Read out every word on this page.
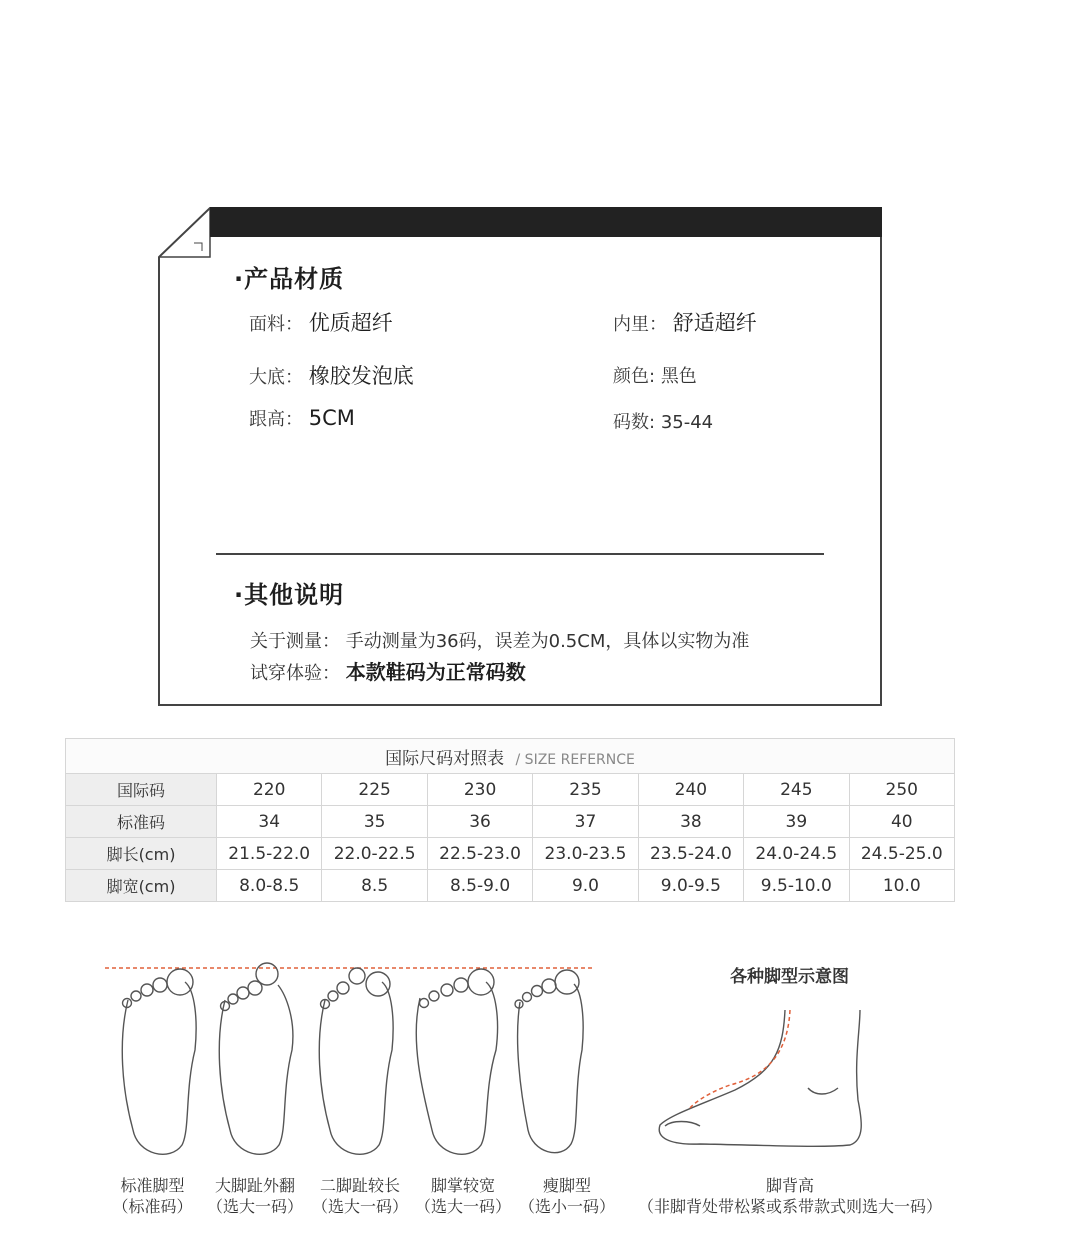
·产品材质
面料： 优质超纤	内里： 舒适超纤
大底： 橡胶发泡底	颜色: 黑色
跟高： 5CM	码数: 35-44
·其他说明
关于测量： 手动测量为36码，误差为0.5CM，具体以实物为准
试穿体验： 本款鞋码为正常码数
国际尺码对照表 / SIZE REFERNCE							
国际码	220	225	230	235	240	245	250
标准码	34	35	36	37	38	39	40
脚长(cm)	21.5-22.0	22.0-22.5	22.5-23.0	23.0-23.5	23.5-24.0	24.0-24.5	24.5-25.0
脚宽(cm)	8.0-8.5	8.5	8.5-9.0	9.0	9.0-9.5	9.5-10.0	10.0
各种脚型示意图
标准脚型
（标准码）
大脚趾外翻
（选大一码）
二脚趾较长
（选大一码）
脚掌较宽
（选大一码）
瘦脚型
（选小一码）
脚背高
（非脚背处带松紧或系带款式则选大一码）
